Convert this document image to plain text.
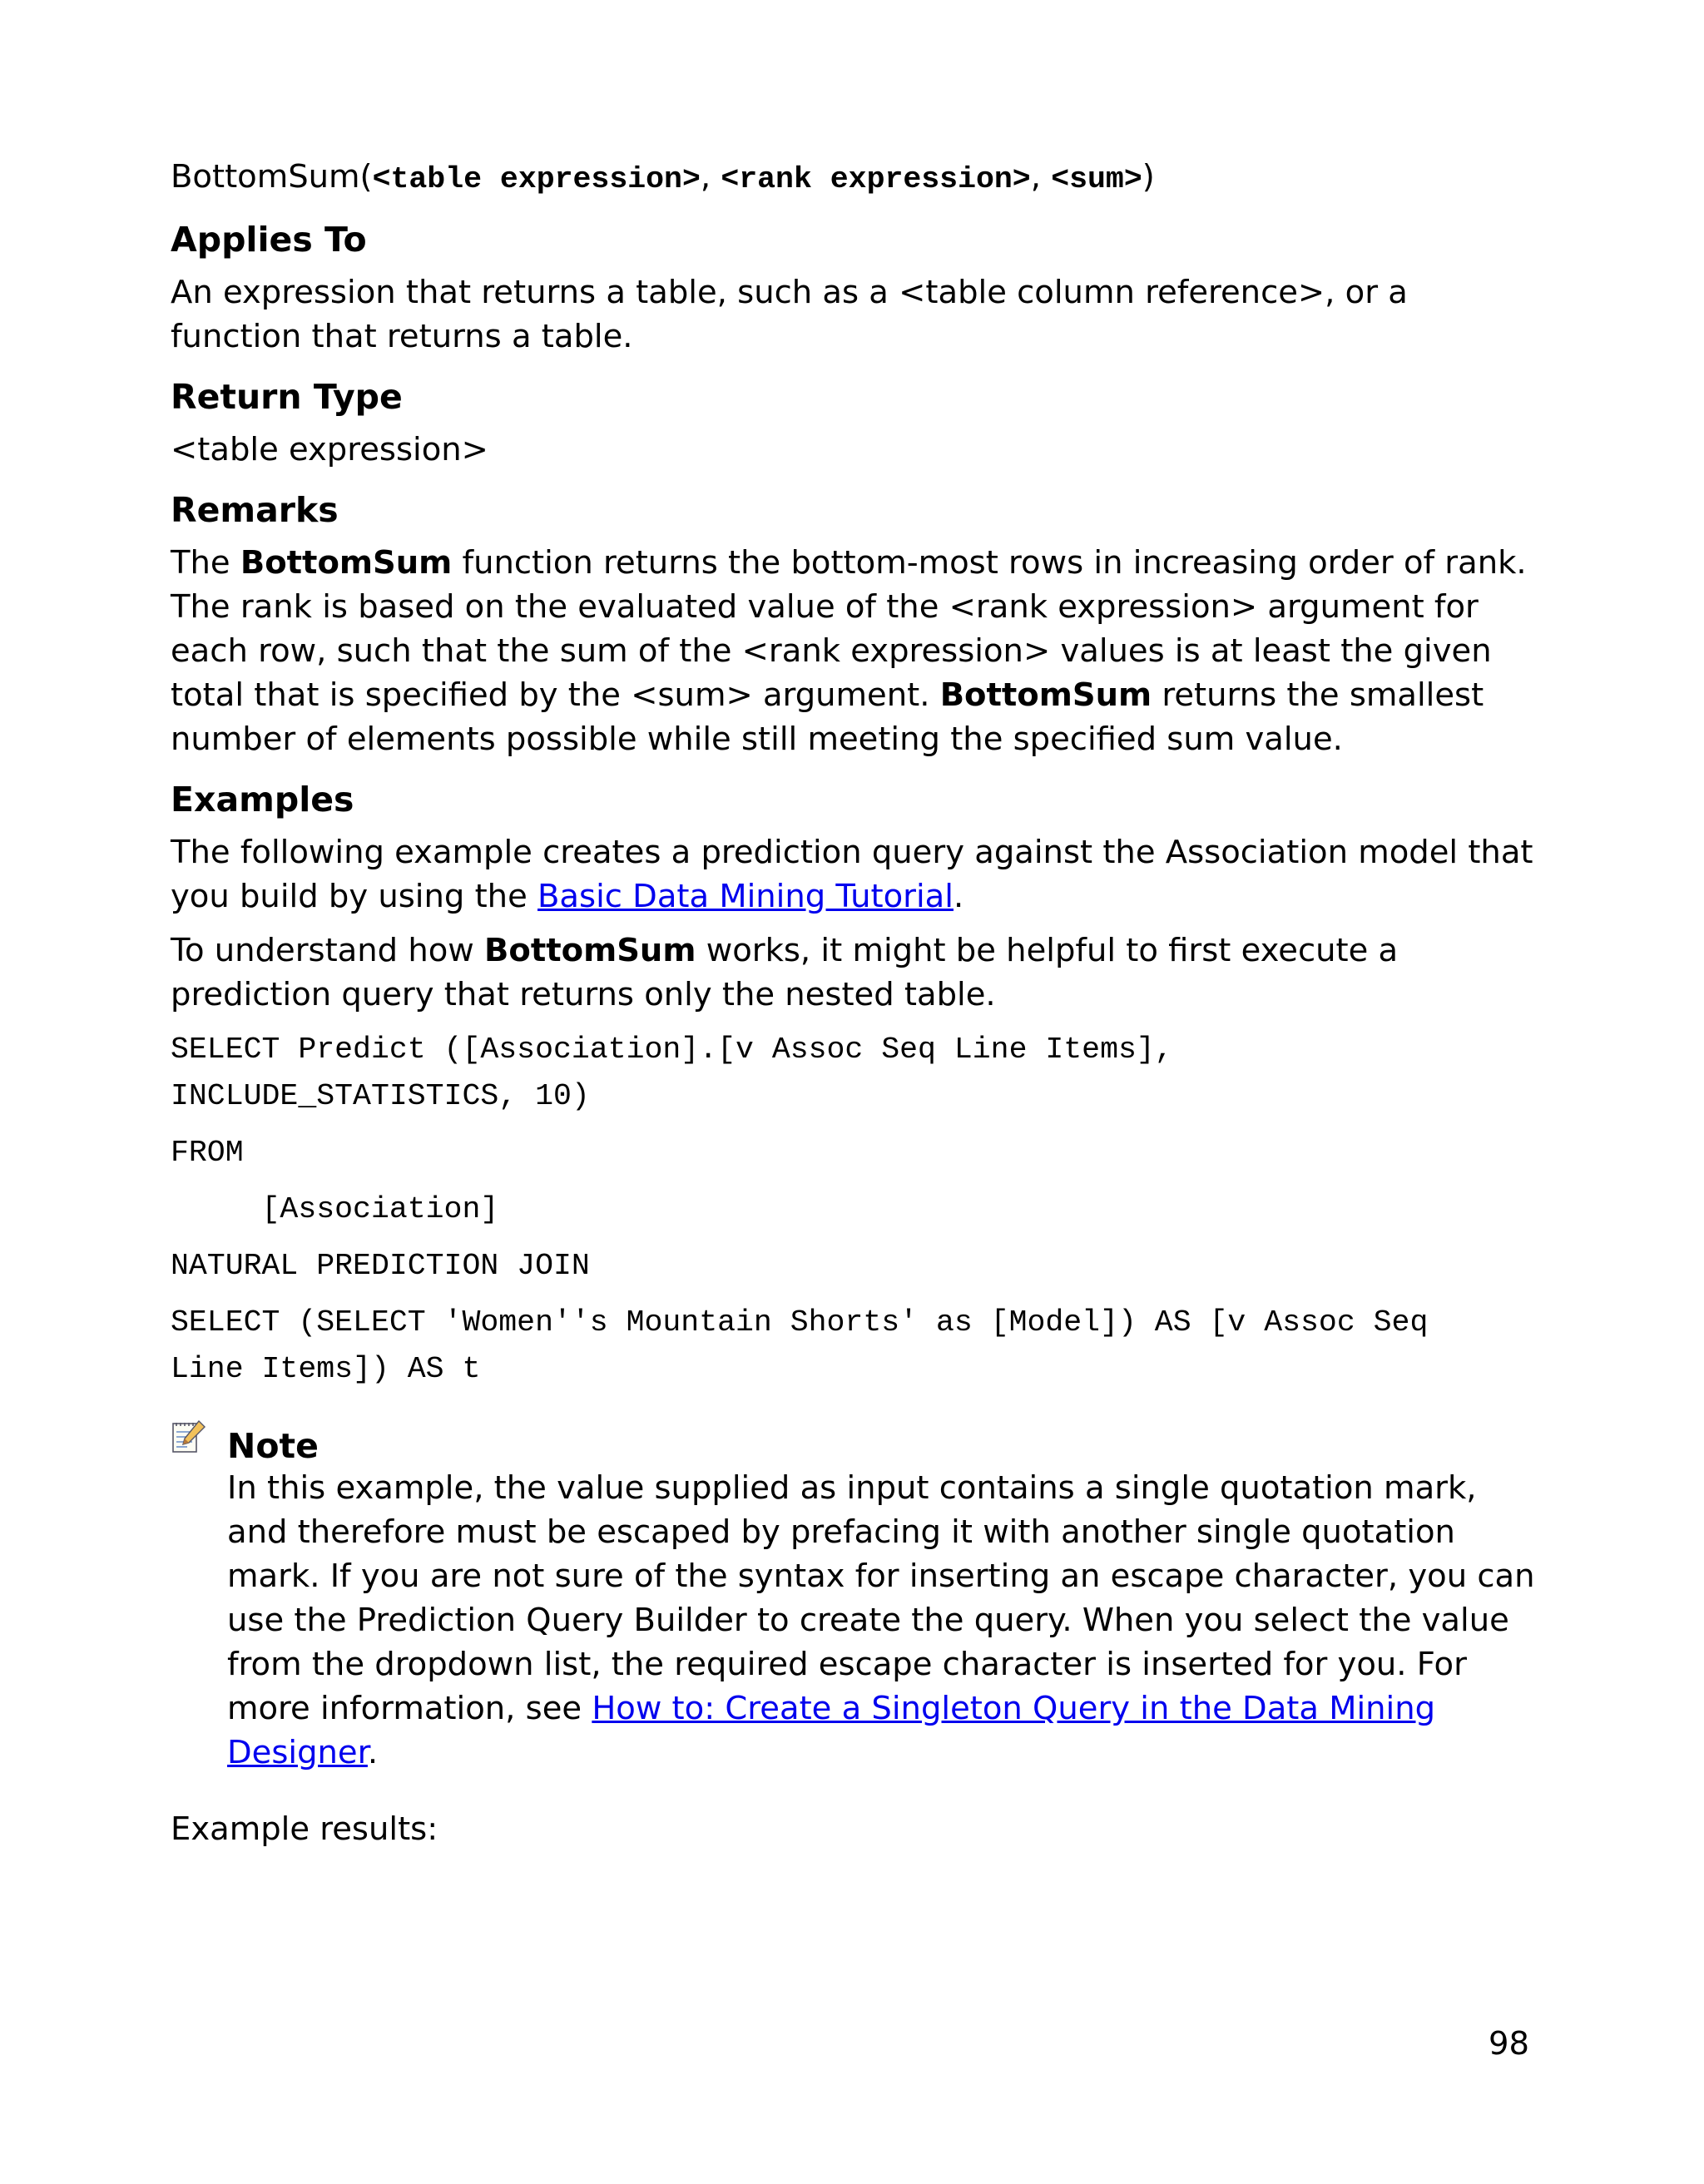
BottomSum(<table expression>, <rank expression>, <sum>)

Applies To

An expression that returns a table, such as a <table column reference>, or a function that returns a table.

Return Type

<table expression>

Remarks

The BottomSum function returns the bottom-most rows in increasing order of rank. The rank is based on the evaluated value of the <rank expression> argument for each row, such that the sum of the <rank expression> values is at least the given total that is specified by the <sum> argument. BottomSum returns the smallest number of elements possible while still meeting the specified sum value.

Examples

The following example creates a prediction query against the Association model that you build by using the Basic Data Mining Tutorial.

To understand how BottomSum works, it might be helpful to first execute a prediction query that returns only the nested table.

SELECT Predict ([Association].[v Assoc Seq Line Items],

INCLUDE_STATISTICS, 10)

FROM

[Association]

NATURAL PREDICTION JOIN

SELECT (SELECT 'Women''s Mountain Shorts' as [Model]) AS [v Assoc Seq

Line Items]) AS t

Note

In this example, the value supplied as input contains a single quotation mark, and therefore must be escaped by prefacing it with another single quotation mark. If you are not sure of the syntax for inserting an escape character, you can use the Prediction Query Builder to create the query. When you select the value from the dropdown list, the required escape character is inserted for you. For more information, see How to: Create a Singleton Query in the Data Mining Designer.

Example results:

98
